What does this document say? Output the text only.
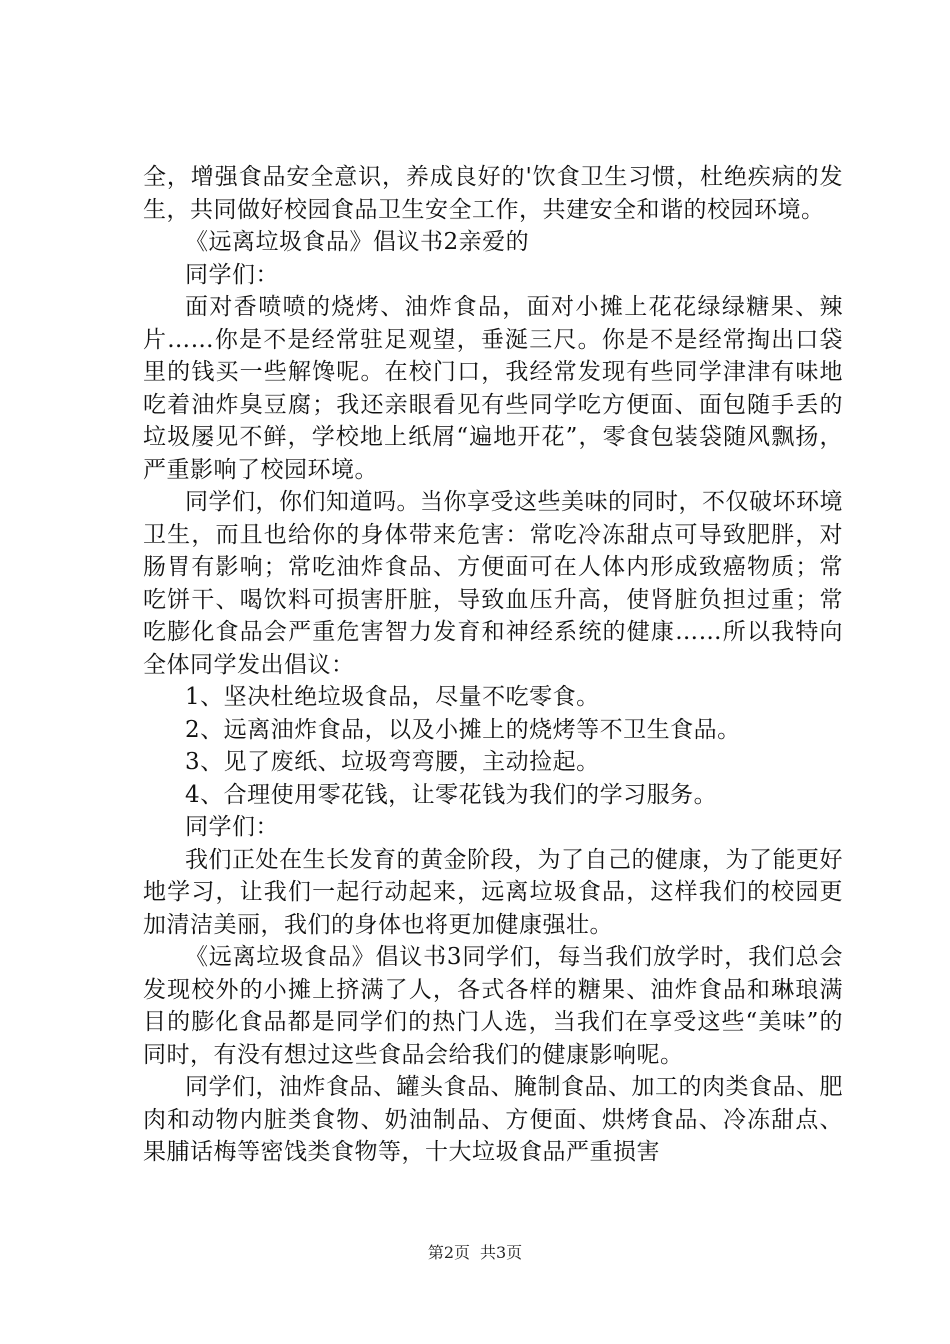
全，增强食品安全意识，养成良好的'饮食卫生习惯，杜绝疾病的发生，共同做好校园食品卫生安全工作，共建安全和谐的校园环境。

《远离垃圾食品》倡议书2亲爱的

同学们：

面对香喷喷的烧烤、油炸食品，面对小摊上花花绿绿糖果、辣片……你是不是经常驻足观望，垂涎三尺。你是不是经常掏出口袋里的钱买一些解馋呢。在校门口，我经常发现有些同学津津有味地吃着油炸臭豆腐；我还亲眼看见有些同学吃方便面、面包随手丢的垃圾屡见不鲜，学校地上纸屑“遍地开花”，零食包装袋随风飘扬，严重影响了校园环境。

同学们，你们知道吗。当你享受这些美味的同时，不仅破坏环境卫生，而且也给你的身体带来危害：常吃冷冻甜点可导致肥胖，对肠胃有影响；常吃油炸食品、方便面可在人体内形成致癌物质；常吃饼干、喝饮料可损害肝脏，导致血压升高，使肾脏负担过重；常吃膨化食品会严重危害智力发育和神经系统的健康……所以我特向全体同学发出倡议：

1、坚决杜绝垃圾食品，尽量不吃零食。

2、远离油炸食品，以及小摊上的烧烤等不卫生食品。

3、见了废纸、垃圾弯弯腰，主动捡起。

4、合理使用零花钱，让零花钱为我们的学习服务。

同学们：

我们正处在生长发育的黄金阶段，为了自己的健康，为了能更好地学习，让我们一起行动起来，远离垃圾食品，这样我们的校园更加清洁美丽，我们的身体也将更加健康强壮。

《远离垃圾食品》倡议书3同学们，每当我们放学时，我们总会发现校外的小摊上挤满了人，各式各样的糖果、油炸食品和琳琅满目的膨化食品都是同学们的热门人选，当我们在享受这些“美味”的同时，有没有想过这些食品会给我们的健康影响呢。

同学们，油炸食品、罐头食品、腌制食品、加工的肉类食品、肥肉和动物内脏类食物、奶油制品、方便面、烘烤食品、冷冻甜点、果脯话梅等密饯类食物等，十大垃圾食品严重损害

第2页 共3页
